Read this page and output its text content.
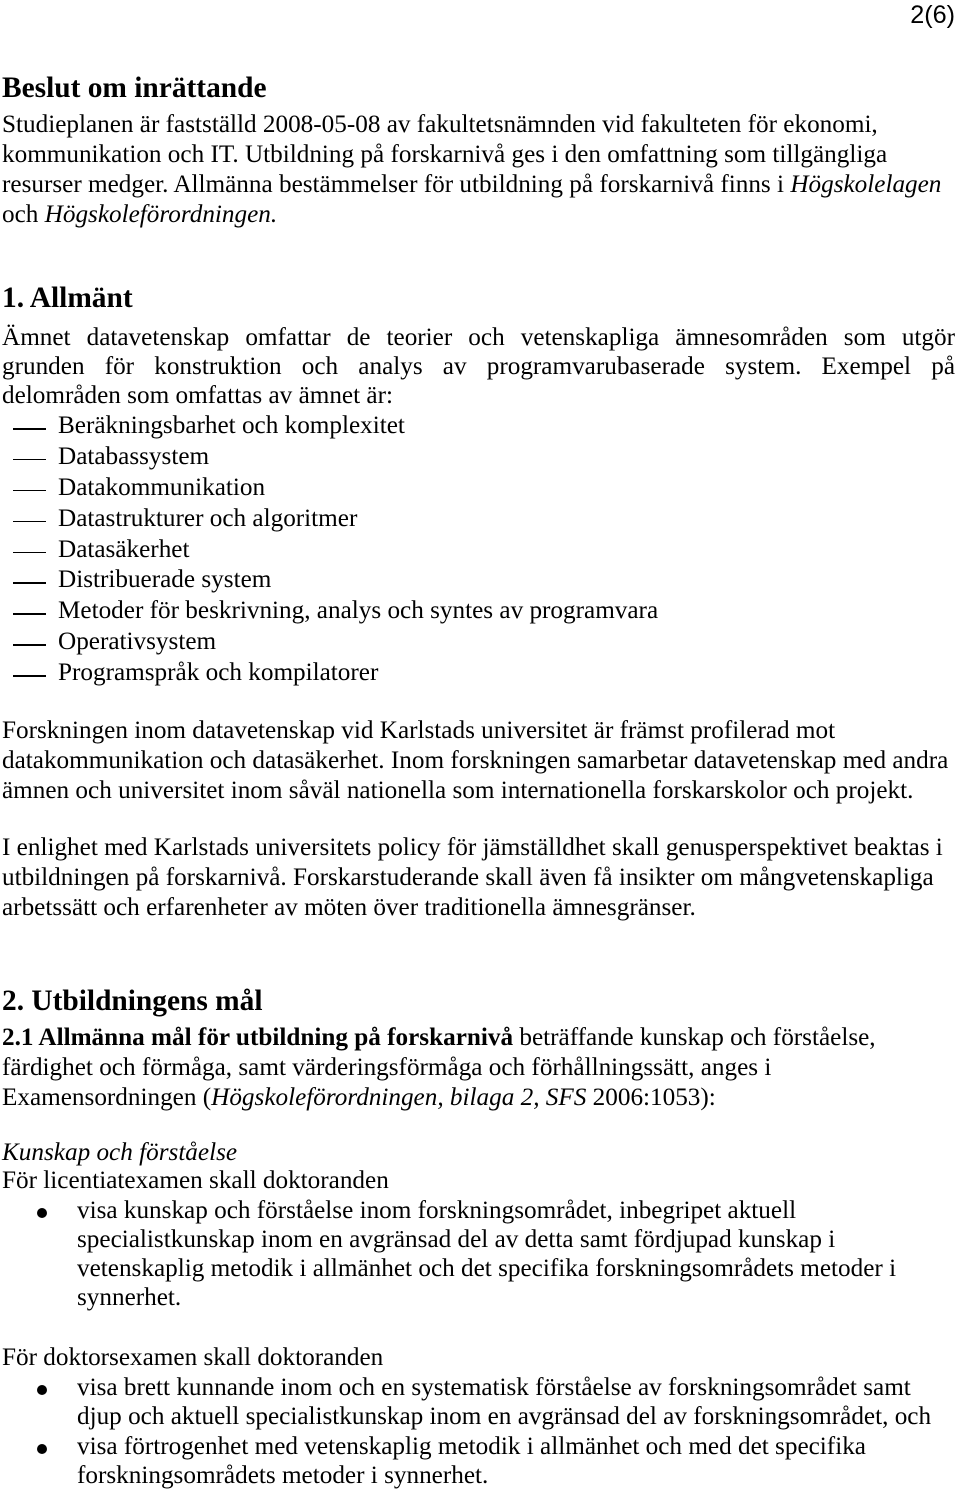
2(6)
Beslut om inrättande
Studieplanen är fastställd 2008-05-08 av fakultetsnämnden vid fakulteten för ekonomi,
kommunikation och IT. Utbildning på forskarnivå ges i den omfattning som tillgängliga
resurser medger. Allmänna bestämmelser för utbildning på forskarnivå finns i Högskolelagen
och Högskoleförordningen.
1. Allmänt
Ämnet datavetenskap omfattar de teorier och vetenskapliga ämnesområden som utgör
grunden för konstruktion och analys av programvarubaserade system. Exempel på
delområden som omfattas av ämnet är:
Beräkningsbarhet och komplexitet
Databassystem
Datakommunikation
Datastrukturer och algoritmer
Datasäkerhet
Distribuerade system
Metoder för beskrivning, analys och syntes av programvara
Operativsystem
Programspråk och kompilatorer
Forskningen inom datavetenskap vid Karlstads universitet är främst profilerad mot
datakommunikation och datasäkerhet. Inom forskningen samarbetar datavetenskap med andra
ämnen och universitet inom såväl nationella som internationella forskarskolor och projekt.
I enlighet med Karlstads universitets policy för jämställdhet skall genusperspektivet beaktas i
utbildningen på forskarnivå. Forskarstuderande skall även få insikter om mångvetenskapliga
arbetssätt och erfarenheter av möten över traditionella ämnesgränser.
2. Utbildningens mål
2.1 Allmänna mål för utbildning på forskarnivå beträffande kunskap och förståelse,
färdighet och förmåga, samt värderingsförmåga och förhållningssätt, anges i
Examensordningen (Högskoleförordningen, bilaga 2, SFS 2006:1053):
Kunskap och förståelse
För licentiatexamen skall doktoranden
visa kunskap och förståelse inom forskningsområdet, inbegripet aktuell
specialistkunskap inom en avgränsad del av detta samt fördjupad kunskap i
vetenskaplig metodik i allmänhet och det specifika forskningsområdets metoder i
synnerhet.
För doktorsexamen skall doktoranden
visa brett kunnande inom och en systematisk förståelse av forskningsområdet samt
djup och aktuell specialistkunskap inom en avgränsad del av forskningsområdet, och
visa förtrogenhet med vetenskaplig metodik i allmänhet och med det specifika
forskningsområdets metoder i synnerhet.
